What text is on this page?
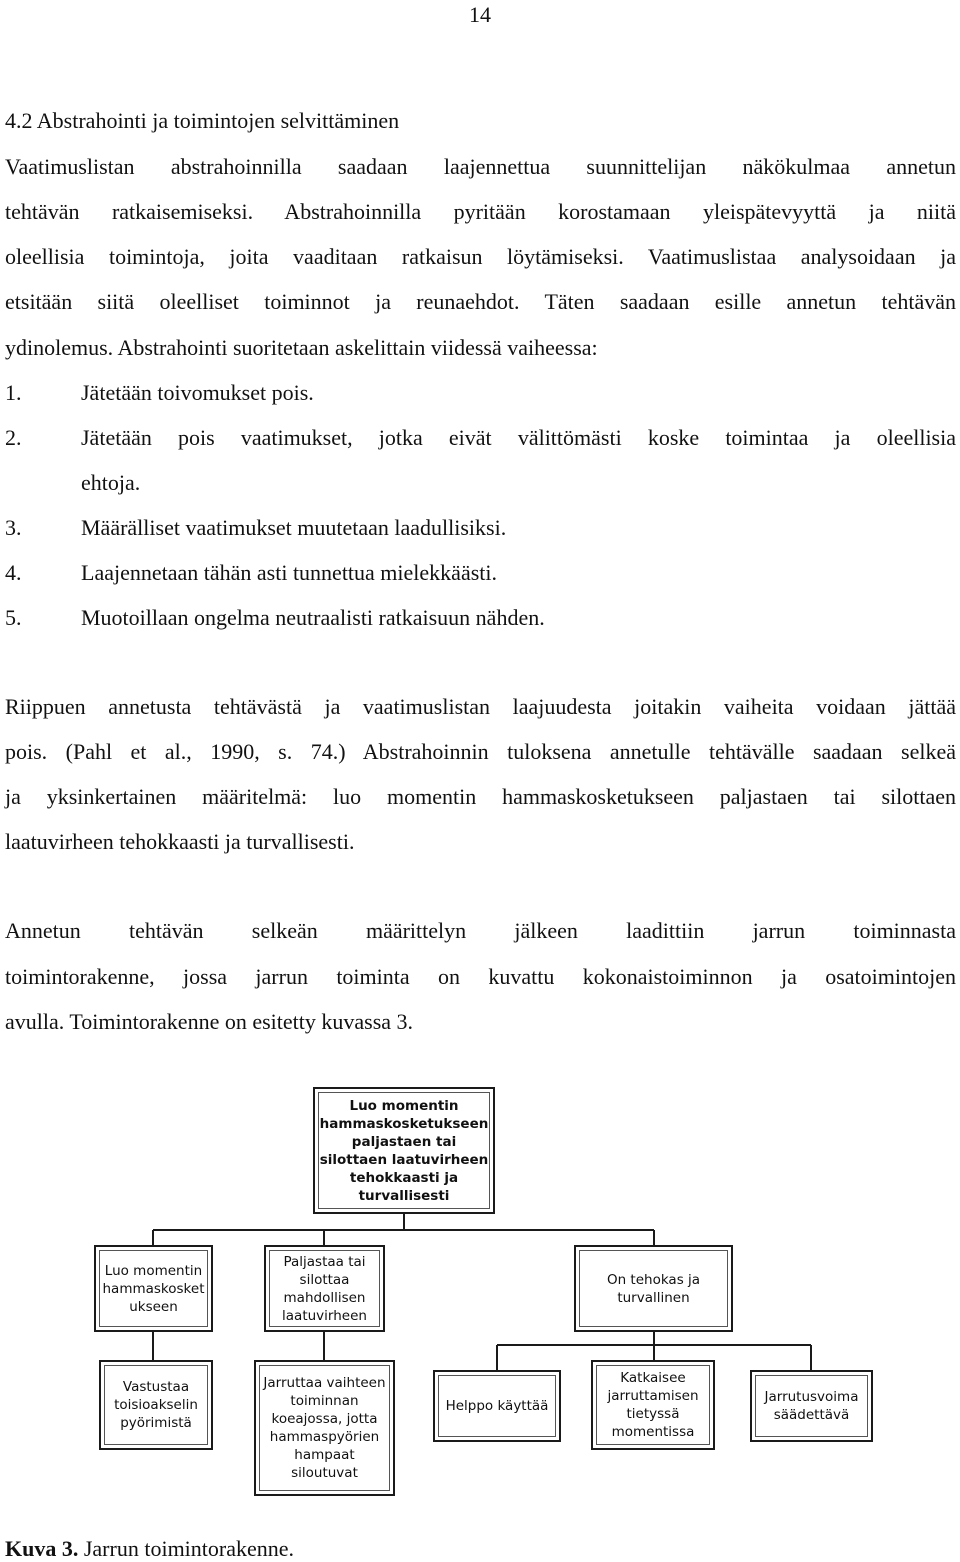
14
4.2 Abstrahointi ja toimintojen selvittäminen
Vaatimuslistan abstrahoinnilla saadaan laajennettua suunnittelijan näkökulmaa annetun
tehtävän ratkaisemiseksi. Abstrahoinnilla pyritään korostamaan yleispätevyyttä ja niitä
oleellisia toimintoja, joita vaaditaan ratkaisun löytämiseksi. Vaatimuslistaa analysoidaan ja
etsitään siitä oleelliset toiminnot ja reunaehdot. Täten saadaan esille annetun tehtävän
ydinolemus. Abstrahointi suoritetaan askelittain viidessä vaiheessa:
1.	Jätetään toivomukset pois.
2.	Jätetään pois vaatimukset, jotka eivät välittömästi koske toimintaa ja oleellisia
ehtoja.
3.	Määrälliset vaatimukset muutetaan laadullisiksi.
4.	Laajennetaan tähän asti tunnettua mielekkäästi.
5.	Muotoillaan ongelma neutraalisti ratkaisuun nähden.
Riippuen annetusta tehtävästä ja vaatimuslistan laajuudesta joitakin vaiheita voidaan jättää
pois. (Pahl et al., 1990, s. 74.) Abstrahoinnin tuloksena annetulle tehtävälle saadaan selkeä
ja yksinkertainen määritelmä: luo momentin hammaskosketukseen paljastaen tai silottaen
laatuvirheen tehokkaasti ja turvallisesti.
Annetun tehtävän selkeän määrittelyn jälkeen laadittiin jarrun toiminnasta
toimintorakenne, jossa jarrun toiminta on kuvattu kokonaistoiminnon ja osatoimintojen
avulla. Toimintorakenne on esitetty kuvassa 3.
Luo momentin
hammaskosketukseen
paljastaen tai
silottaen laatuvirheen
tehokkaasti ja
turvallisesti
Luo momentin
hammaskosket
ukseen
Paljastaa tai
silottaa
mahdollisen
laatuvirheen
On tehokas ja
turvallinen
Vastustaa
toisioakselin
pyörimistä
Jarruttaa vaihteen
toiminnan
koeajossa, jotta
hammaspyörien
hampaat
siloutuvat
Helppo käyttää
Katkaisee
jarruttamisen
tietyssä
momentissa
Jarrutusvoima
säädettävä
Kuva 3. Jarrun toimintorakenne.
